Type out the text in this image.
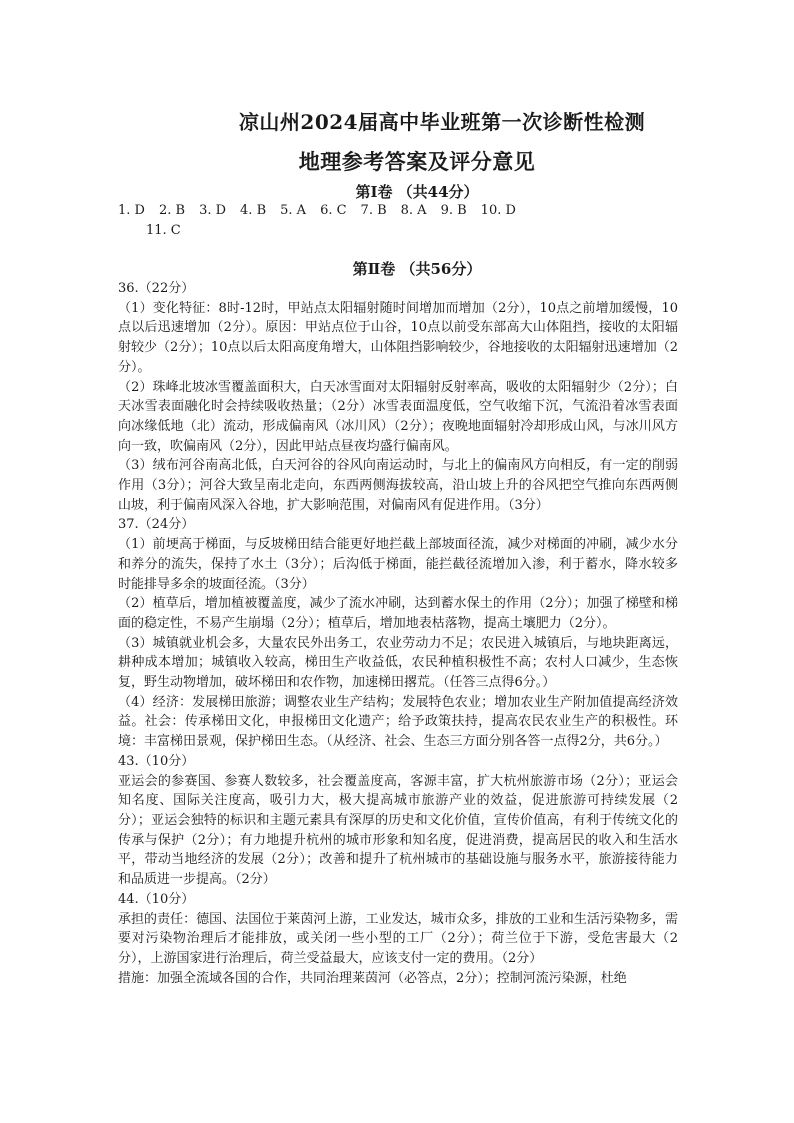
凉山州2024届高中毕业班第一次诊断性检测
地理参考答案及评分意见
第Ⅰ卷 （共44分）
1. D 2. B 3. D 4. B 5. A 6. C 7. B 8. A 9. B 10. D
11. C
第Ⅱ卷 （共56分）

36.（22分）

（1）变化特征：8时-12时，甲站点太阳辐射随时间增加而增加（2分），10点之前增加缓慢，10点以后迅速增加（2分）。原因：甲站点位于山谷，10点以前受东部高大山体阻挡，接收的太阳辐射较少（2分）；10点以后太阳高度角增大，山体阻挡影响较少，谷地接收的太阳辐射迅速增加（2分）。

（2）珠峰北坡冰雪覆盖面积大，白天冰雪面对太阳辐射反射率高，吸收的太阳辐射少（2分）；白天冰雪表面融化时会持续吸收热量；（2分）冰雪表面温度低，空气收缩下沉，气流沿着冰雪表面向冰缘低地（北）流动，形成偏南风（冰川风）（2分）；夜晚地面辐射冷却形成山风，与冰川风方向一致，吹偏南风（2分），因此甲站点昼夜均盛行偏南风。

（3）绒布河谷南高北低，白天河谷的谷风向南运动时，与北上的偏南风方向相反，有一定的削弱作用（3分）；河谷大致呈南北走向，东西两侧海拔较高，沿山坡上升的谷风把空气推向东西两侧山坡，利于偏南风深入谷地，扩大影响范围，对偏南风有促进作用。（3分）

37.（24分）

（1）前埂高于梯面，与反坡梯田结合能更好地拦截上部坡面径流，减少对梯面的冲刷，减少水分和养分的流失，保持了水土（3分）；后沟低于梯面，能拦截径流增加入渗，利于蓄水，降水较多时能排导多余的坡面径流。（3分）

（2）植草后，增加植被覆盖度，减少了流水冲刷，达到蓄水保土的作用（2分）；加强了梯壁和梯面的稳定性，不易产生崩塌（2分）；植草后，增加地表枯落物，提高土壤肥力（2分）。

（3）城镇就业机会多，大量农民外出务工，农业劳动力不足；农民进入城镇后，与地块距离远，耕种成本增加；城镇收入较高，梯田生产收益低，农民种植积极性不高；农村人口减少，生态恢复，野生动物增加，破坏梯田和农作物，加速梯田撂荒。（任答三点得6分。）

（4）经济：发展梯田旅游；调整农业生产结构；发展特色农业；增加农业生产附加值提高经济效益。社会：传承梯田文化，申报梯田文化遗产；给予政策扶持，提高农民农业生产的积极性。环境：丰富梯田景观，保护梯田生态。（从经济、社会、生态三方面分别各答一点得2分，共6分。）

43.（10分）

亚运会的参赛国、参赛人数较多，社会覆盖度高，客源丰富，扩大杭州旅游市场（2分）；亚运会知名度、国际关注度高，吸引力大，极大提高城市旅游产业的效益，促进旅游可持续发展（2分）；亚运会独特的标识和主题元素具有深厚的历史和文化价值，宣传价值高，有利于传统文化的传承与保护（2分）；有力地提升杭州的城市形象和知名度，促进消费，提高居民的收入和生活水平，带动当地经济的发展（2分）；改善和提升了杭州城市的基础设施与服务水平，旅游接待能力和品质进一步提高。（2分）

44.（10分）

承担的责任：德国、法国位于莱茵河上游，工业发达，城市众多，排放的工业和生活污染物多，需要对污染物治理后才能排放，或关闭一些小型的工厂（2分）；荷兰位于下游，受危害最大（2分），上游国家进行治理后，荷兰受益最大，应该支付一定的费用。（2分）

措施：加强全流域各国的合作，共同治理莱茵河（必答点，2分）；控制河流污染源，杜绝
